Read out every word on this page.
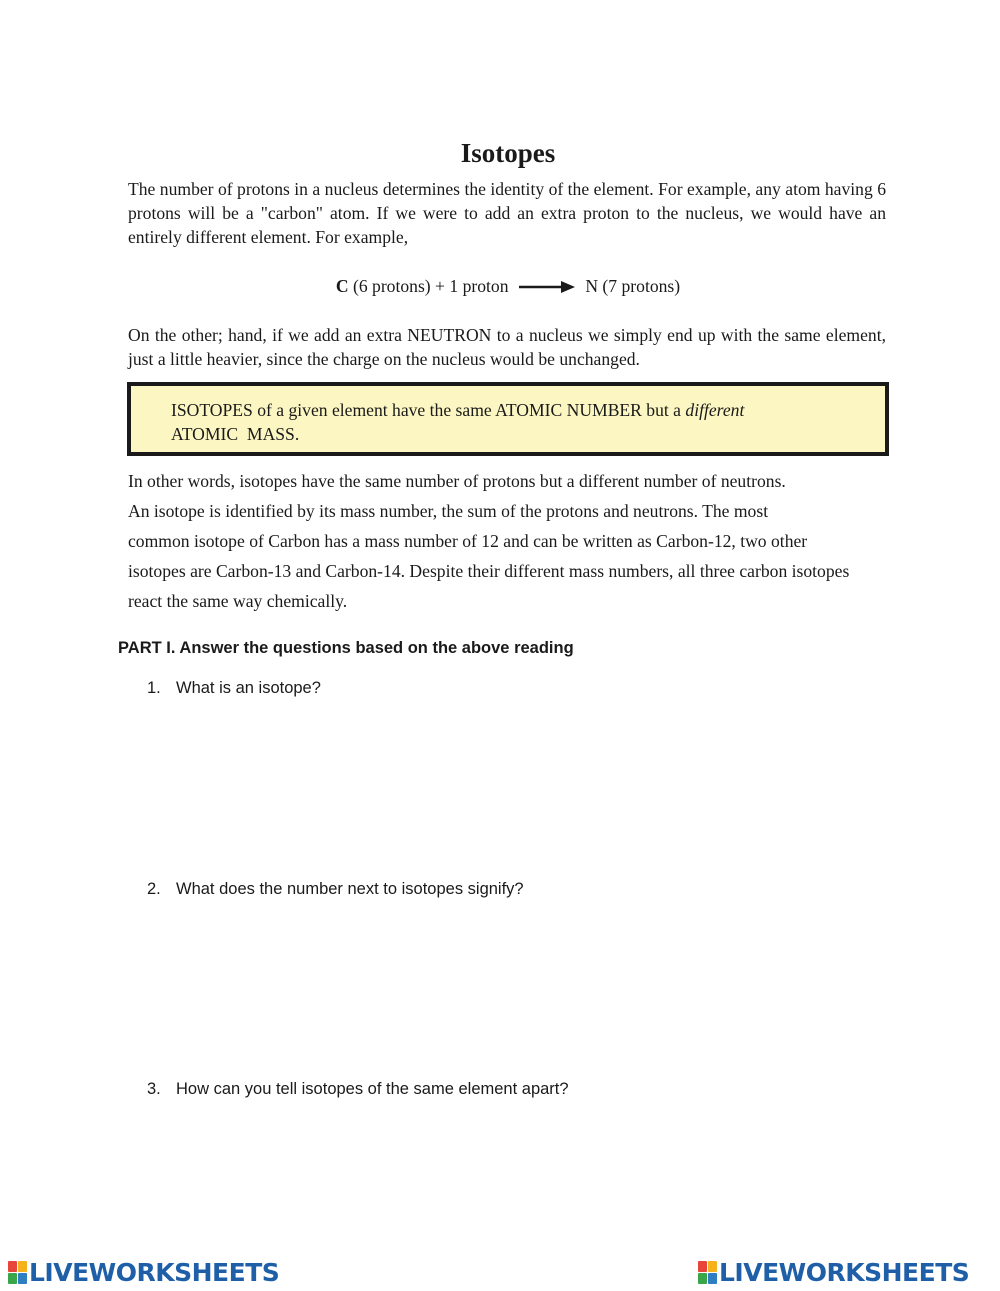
Isotopes

The number of protons in a nucleus determines the identity of the element. For example, any atom having 6 protons will be a "carbon" atom. If we were to add an extra proton to the nucleus, we would have an entirely different element. For example,

C (6 protons) + 1 proton	N (7 protons)

On the other; hand, if we add an extra NEUTRON to a nucleus we simply end up with the same element, just a little heavier, since the charge on the nucleus would be unchanged.

ISOTOPES of a given element have the same ATOMIC NUMBER but a different
ATOMIC  MASS.

In other words, isotopes have the same number of protons but a different number of neutrons.
An isotope is identified by its mass number, the sum of the protons and neutrons. The most
common isotope of Carbon has a mass number of 12 and can be written as Carbon-12, two other
isotopes are Carbon-13 and Carbon-14. Despite their different mass numbers, all three carbon isotopes
react the same way chemically.

PART I. Answer the questions based on the above reading
1. What is an isotope?
2. What does the number next to isotopes signify?
3. How can you tell isotopes of the same element apart?
LIVEWORKSHEETS	LIVEWORKSHEETS
